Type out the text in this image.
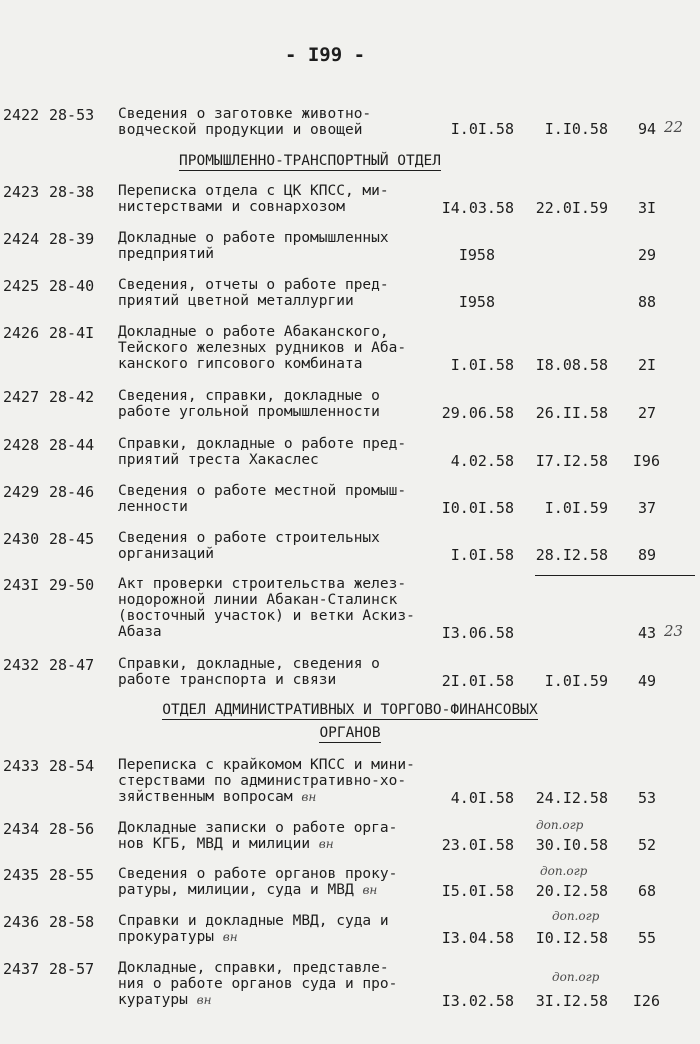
- I99 -
2422 28-53 Сведения о заготовке животно-
водческой продукции и овощей	I.0I.58 I.I0.58 94 22
ПРОМЫШЛЕННО-ТРАНСПОРТНЫЙ ОТДЕЛ
2423 28-38 Переписка отдела с ЦК КПСС, ми-
нистерствами и совнархозом	I4.03.58 22.0I.59 3I
2424 28-39 Докладные о работе промышленных
предприятий	I958	29
2425 28-40 Сведения, отчеты о работе пред-
приятий цветной металлургии	I958	88
2426 28-4I Докладные о работе Абаканского,
Тейского железных рудников и Аба-
канского гипсового комбината	I.0I.58 I8.08.58 2I
2427 28-42 Сведения, справки, докладные о
работе угольной промышленности	29.06.58 26.II.58 27
2428 28-44 Справки, докладные о работе пред-
приятий треста Хакаслес	4.02.58 I7.I2.58 I96
2429 28-46 Сведения о работе местной промыш-
ленности	I0.0I.58 I.0I.59 37
2430 28-45 Сведения о работе строительных
организаций	I.0I.58 28.I2.58 89
243I 29-50 Акт проверки строительства желез-
нодорожной линии Абакан-Сталинск
(восточный участок) и ветки Аскиз-
Абаза	I3.06.58	43 23
2432 28-47 Справки, докладные, сведения о
работе транспорта и связи	2I.0I.58 I.0I.59 49
ОТДЕЛ АДМИНИСТРАТИВНЫХ И ТОРГОВО-ФИНАНСОВЫХ
ОРГАНОВ
2433 28-54 Переписка с крайкомом КПСС и мини-
стерствами по административно-хо-
зяйственным вопросам вн	4.0I.58 24.I2.58 53
2434 28-56 Докладные записки о работе орга-
нов КГБ, МВД и милиции вн
доп.огр
23.0I.58 30.I0.58 52
2435 28-55 Сведения о работе органов проку-
ратуры, милиции, суда и МВД вн
доп.огр
I5.0I.58 20.I2.58 68
2436 28-58 Справки и докладные МВД, суда и
прокуратуры вн
доп.огр
I3.04.58 I0.I2.58 55
2437 28-57 Докладные, справки, представле-
ния о работе органов суда и про-
куратуры вн
доп.огр
I3.02.58 3I.I2.58 I26
